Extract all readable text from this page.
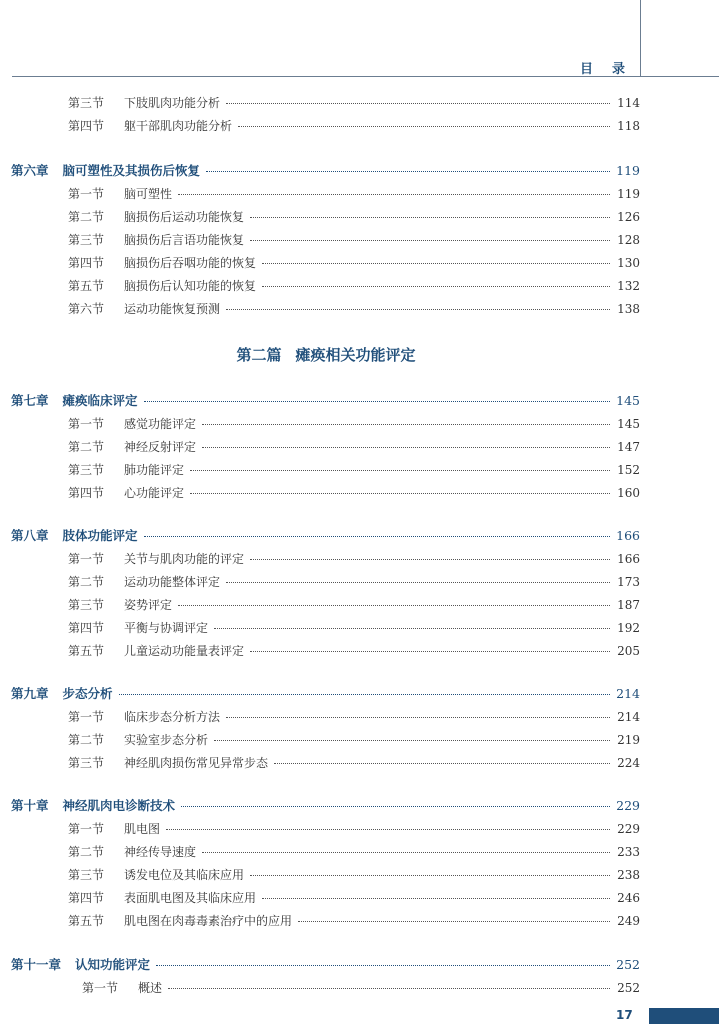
目 录
第二篇 瘫痪相关功能评定
第三节 下肢肌肉功能分析	114
第四节 躯干部肌肉功能分析	118
第六章 脑可塑性及其损伤后恢复	119
第一节 脑可塑性	119
第二节 脑损伤后运动功能恢复	126
第三节 脑损伤后言语功能恢复	128
第四节 脑损伤后吞咽功能的恢复	130
第五节 脑损伤后认知功能的恢复	132
第六节 运动功能恢复预测	138
第七章 瘫痪临床评定	145
第一节 感觉功能评定	145
第二节 神经反射评定	147
第三节 肺功能评定	152
第四节 心功能评定	160
第八章 肢体功能评定	166
第一节 关节与肌肉功能的评定	166
第二节 运动功能整体评定	173
第三节 姿势评定	187
第四节 平衡与协调评定	192
第五节 儿童运动功能量表评定	205
第九章 步态分析	214
第一节 临床步态分析方法	214
第二节 实验室步态分析	219
第三节 神经肌肉损伤常见异常步态	224
第十章 神经肌肉电诊断技术	229
第一节 肌电图	229
第二节 神经传导速度	233
第三节 诱发电位及其临床应用	238
第四节 表面肌电图及其临床应用	246
第五节 肌电图在肉毒毒素治疗中的应用	249
第十一章 认知功能评定	252
第一节 概述	252
17
